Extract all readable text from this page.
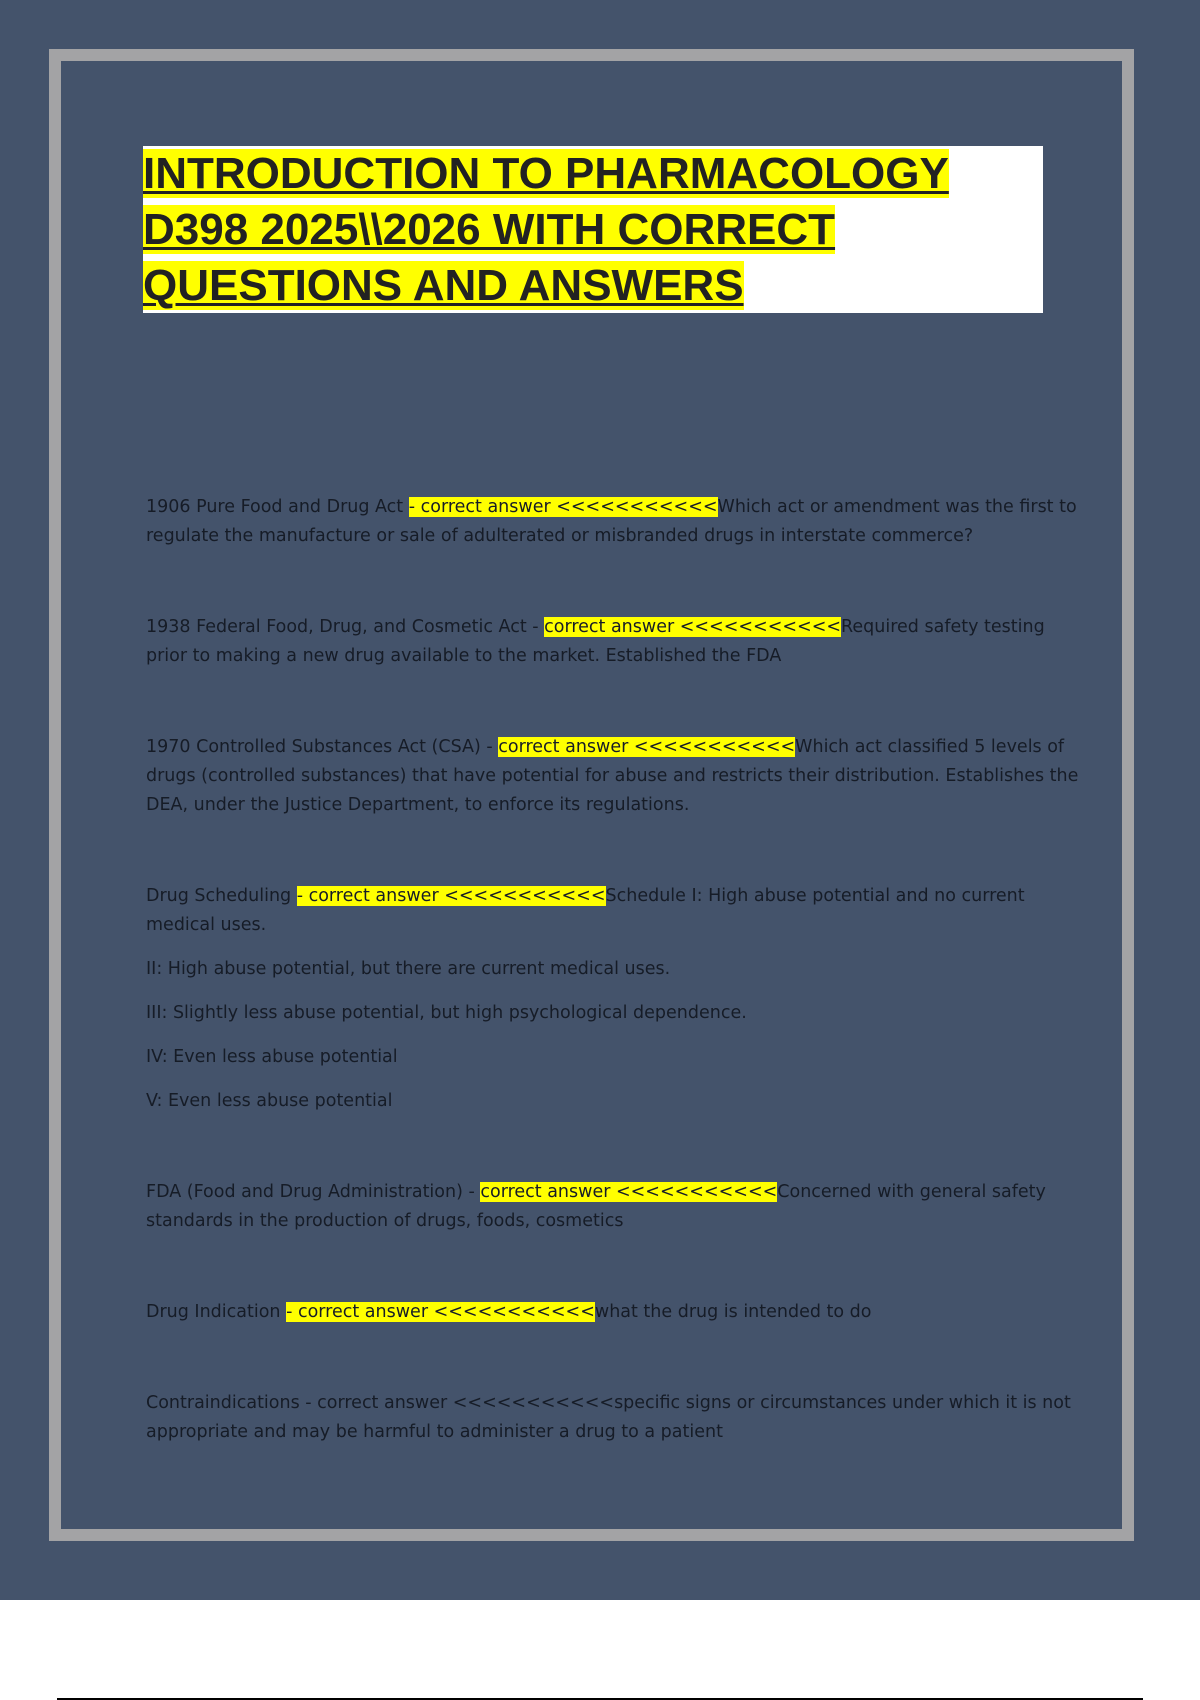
INTRODUCTION TO PHARMACOLOGY
D398 2025\\2026 WITH CORRECT
QUESTIONS AND ANSWERS

1906 Pure Food and Drug Act - correct answer <<<<<<<<<<<Which act or amendment was the first to regulate the manufacture or sale of adulterated or misbranded drugs in interstate commerce?

1938 Federal Food, Drug, and Cosmetic Act - correct answer <<<<<<<<<<<Required safety testing prior to making a new drug available to the market. Established the FDA

1970 Controlled Substances Act (CSA) - correct answer <<<<<<<<<<<Which act classified 5 levels of drugs (controlled substances) that have potential for abuse and restricts their distribution. Establishes the DEA, under the Justice Department, to enforce its regulations.

Drug Scheduling - correct answer <<<<<<<<<<<Schedule I: High abuse potential and no current medical uses.

II: High abuse potential, but there are current medical uses.

III: Slightly less abuse potential, but high psychological dependence.

IV: Even less abuse potential

V: Even less abuse potential

FDA (Food and Drug Administration) - correct answer <<<<<<<<<<<Concerned with general safety standards in the production of drugs, foods, cosmetics

Drug Indication - correct answer <<<<<<<<<<<what the drug is intended to do

Contraindications - correct answer <<<<<<<<<<<specific signs or circumstances under which it is not appropriate and may be harmful to administer a drug to a patient
